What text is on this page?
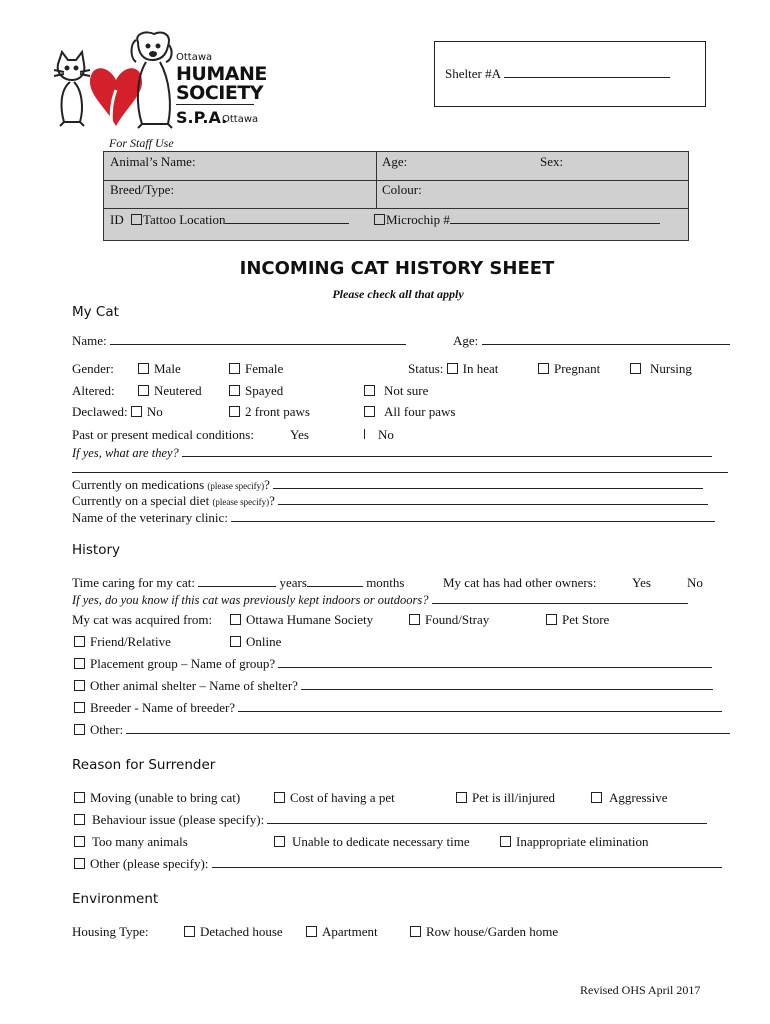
Ottawa
HUMANE
SOCIETY
S.P.A.
Ottawa
Shelter #A
For Staff Use
Animal’s Name:	Age:	Sex:
Breed/Type:	Colour:
ID Tattoo Location	Microchip #
INCOMING CAT HISTORY SHEET
Please check all that apply
My Cat
Name:	Age:
Gender:	Male	Female	Status: In heat	Pregnant	Nursing
Altered:	Neutered	Spayed	Not sure
Declawed: No	2 front paws	All four paws
Past or present medical conditions:	Yes	No
If yes, what are they?
Currently on medications (please specify)?
Currently on a special diet (please specify)?
Name of the veterinary clinic:
History
Time caring for my cat:	years	months	My cat has had other owners:	Yes	No
If yes, do you know if this cat was previously kept indoors or outdoors?
My cat was acquired from:	Ottawa Humane Society	Found/Stray	Pet Store
Friend/Relative	Online
Placement group – Name of group?
Other animal shelter – Name of shelter?
Breeder - Name of breeder?
Other:
Reason for Surrender
Moving (unable to bring cat)	Cost of having a pet	Pet is ill/injured	Aggressive
Behaviour issue (please specify):
Too many animals	Unable to dedicate necessary time	Inappropriate elimination
Other (please specify):
Environment
Housing Type:	Detached house	Apartment	Row house/Garden home
Revised OHS April 2017
